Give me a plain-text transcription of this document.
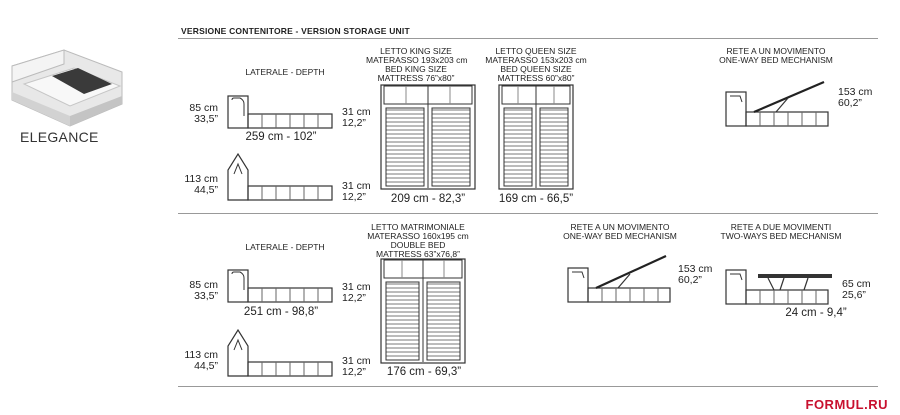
VERSIONE CONTENITORE - VERSION STORAGE UNIT
ELEGANCE
LATERALE - DEPTH
85 cm
33,5”
31 cm
12,2”
259 cm - 102”
113 cm
44,5”	31 cm
12,2”
LETTO KING SIZE
MATERASSO 193x203 cm
BED KING SIZE
MATTRESS 76”x80”
209 cm - 82,3”
LETTO QUEEN SIZE
MATERASSO 153x203 cm
BED QUEEN SIZE
MATTRESS 60”x80”
169 cm - 66,5”
RETE A UN MOVIMENTO
ONE-WAY BED MECHANISM
153 cm
60,2”
LATERALE - DEPTH
85 cm
33,5”
31 cm
12,2”
251 cm - 98,8”
113 cm
44,5”	31 cm
12,2”
LETTO MATRIMONIALE
MATERASSO 160x195 cm
DOUBLE BED
MATTRESS 63”x76,8”
176 cm - 69,3”
RETE A UN MOVIMENTO
ONE-WAY BED MECHANISM
153 cm
60,2”
RETE A DUE MOVIMENTI
TWO-WAYS BED MECHANISM
65 cm
25,6”
24 cm - 9,4”
FORMUL.RU
